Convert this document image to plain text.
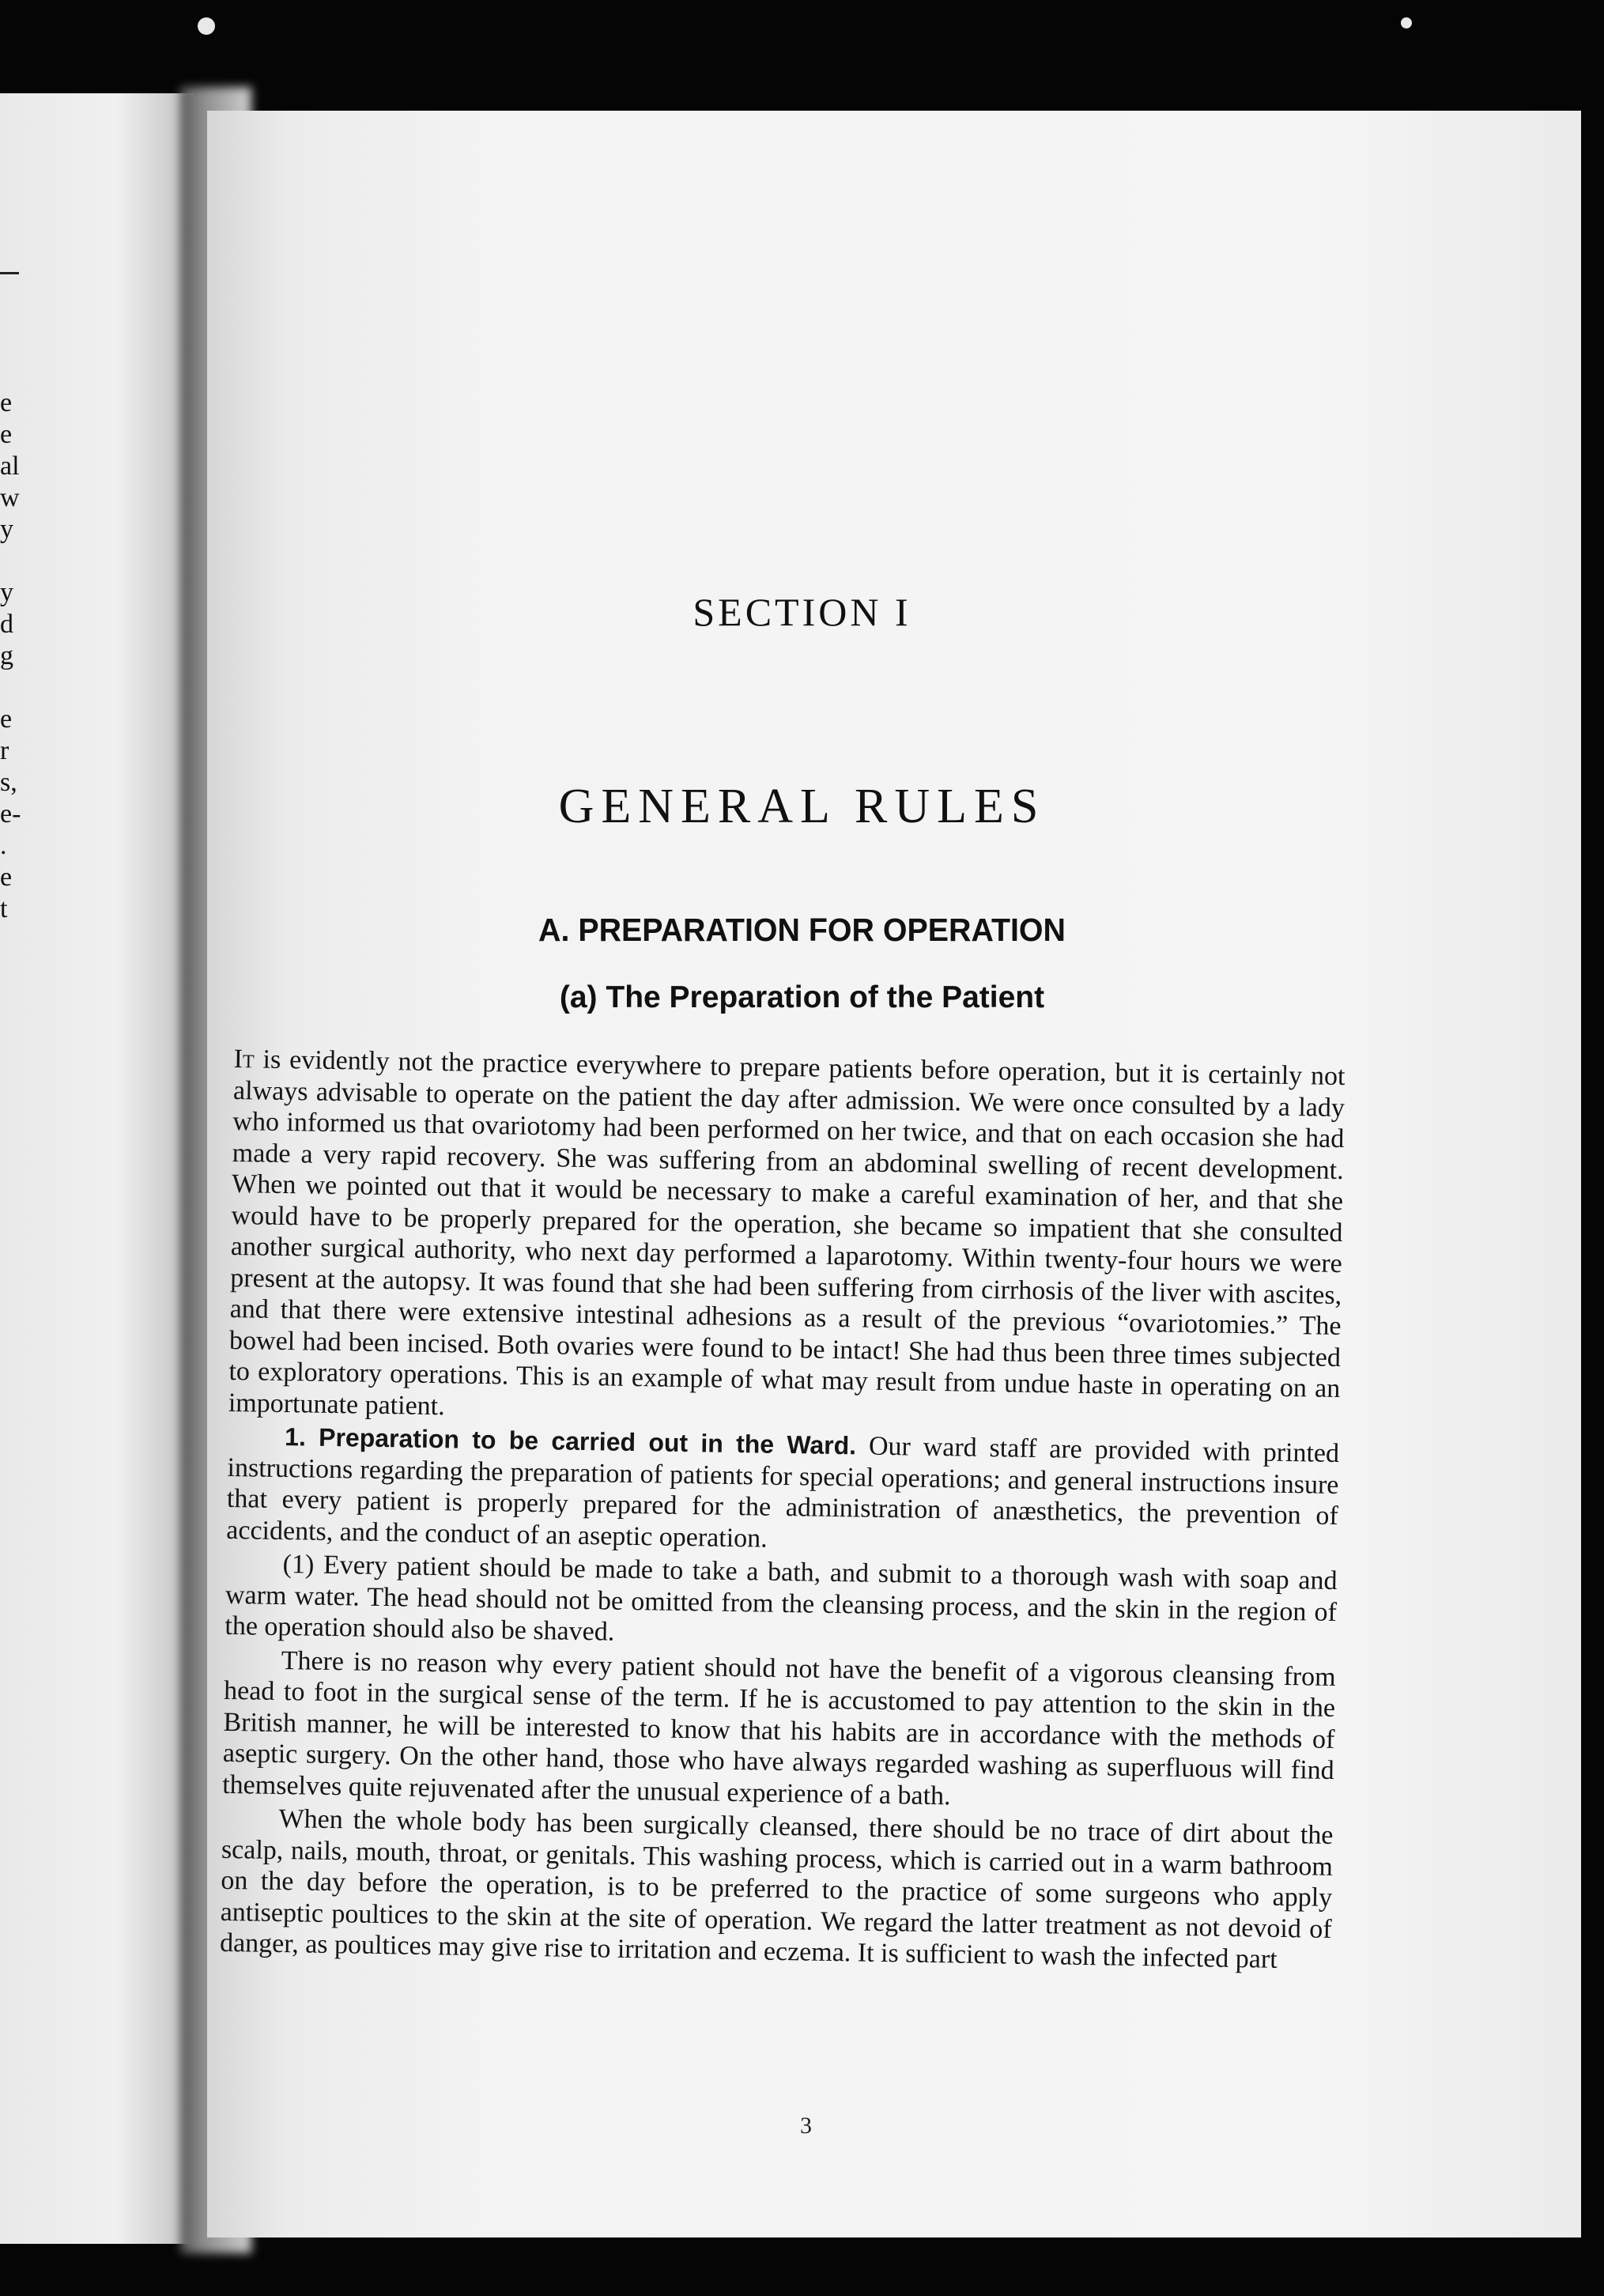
e
e
al
w
y
y
d
g
e
r
s,
e-
.
e
t
SECTION I
GENERAL RULES
A. PREPARATION FOR OPERATION
(a) The Preparation of the Patient

It is evidently not the practice everywhere to prepare patients before operation, but it is certainly not always advisable to operate on the patient the day after admission. We were once consulted by a lady who informed us that ovariotomy had been performed on her twice, and that on each occasion she had made a very rapid recovery. She was suffering from an abdominal swelling of recent development. When we pointed out that it would be necessary to make a careful examination of her, and that she would have to be properly prepared for the operation, she became so impatient that she consulted another surgical authority, who next day performed a laparotomy. Within twenty-four hours we were present at the autopsy. It was found that she had been suffering from cirrhosis of the liver with ascites, and that there were extensive intestinal adhesions as a result of the previous “ovariotomies.” The bowel had been incised. Both ovaries were found to be intact! She had thus been three times subjected to exploratory operations. This is an example of what may result from undue haste in operating on an importunate patient.

1. Preparation to be carried out in the Ward. Our ward staff are provided with printed instructions regarding the preparation of patients for special operations; and general instructions insure that every patient is properly prepared for the administration of anæsthetics, the prevention of accidents, and the conduct of an aseptic operation.

(1) Every patient should be made to take a bath, and submit to a thorough wash with soap and warm water. The head should not be omitted from the cleansing process, and the skin in the region of the operation should also be shaved.

There is no reason why every patient should not have the benefit of a vigorous cleansing from head to foot in the surgical sense of the term. If he is accustomed to pay attention to the skin in the British manner, he will be interested to know that his habits are in accordance with the methods of aseptic surgery. On the other hand, those who have always regarded washing as superfluous will find themselves quite rejuvenated after the unusual experience of a bath.

When the whole body has been surgically cleansed, there should be no trace of dirt about the scalp, nails, mouth, throat, or genitals. This washing process, which is carried out in a warm bathroom on the day before the operation, is to be preferred to the practice of some surgeons who apply antiseptic poultices to the skin at the site of operation. We regard the latter treatment as not devoid of danger, as poultices may give rise to irritation and eczema. It is sufficient to wash the infected part

3
